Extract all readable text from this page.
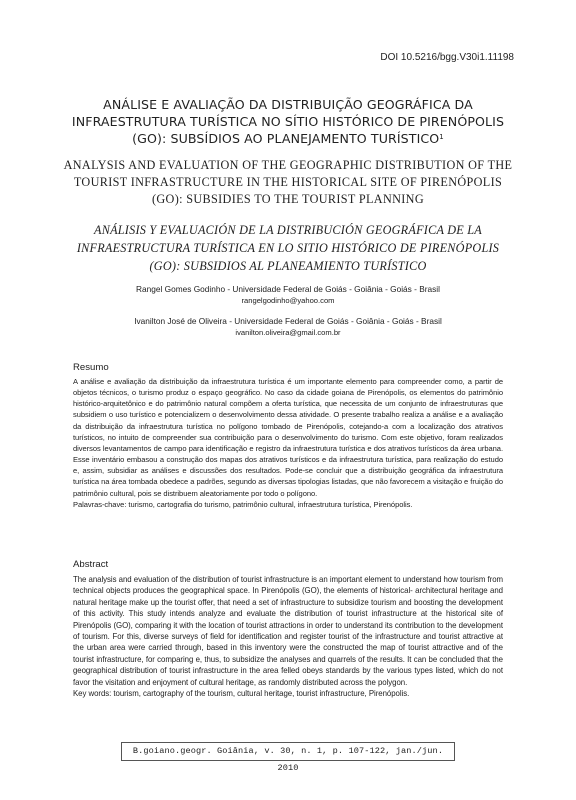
DOI 10.5216/bgg.V30i1.11198
ANÁLISE E AVALIAÇÃO DA DISTRIBUIÇÃO GEOGRÁFICA DA INFRAESTRUTURA TURÍSTICA NO SÍTIO HISTÓRICO DE PIRENÓPOLIS (GO): SUBSÍDIOS AO PLANEJAMENTO TURÍSTICO$^1$
ANALYSIS AND EVALUATION OF THE GEOGRAPHIC DISTRIBUTION OF THE TOURIST INFRASTRUCTURE IN THE HISTORICAL SITE OF PIRENÓPOLIS (GO): SUBSIDIES TO THE TOURIST PLANNING
ANÁLISIS Y EVALUACIÓN DE LA DISTRIBUCIÓN GEOGRÁFICA DE LA INFRAESTRUCTURA TURÍSTICA EN LO SITIO HISTÓRICO DE PIRENÓPOLIS (GO): SUBSIDIOS AL PLANEAMIENTO TURÍSTICO
Rangel Gomes Godinho - Universidade Federal de Goiás - Goiânia - Goiás - Brasil
rangelgodinho@yahoo.com
Ivanilton José de Oliveira - Universidade Federal de Goiás - Goiânia - Goiás - Brasil
ivanilton.oliveira@gmail.com.br
Resumo
A análise e avaliação da distribuição da infraestrutura turística é um importante elemento para compreender como, a partir de objetos técnicos, o turismo produz o espaço geográfico. No caso da cidade goiana de Pirenópolis, os elementos do patrimônio histórico-arquitetônico e do patrimônio natural compõem a oferta turística, que necessita de um conjunto de infraestruturas que subsidiem o uso turístico e potencializem o desenvolvimento dessa atividade. O presente trabalho realiza a análise e a avaliação da distribuição da infraestrutura turística no polígono tombado de Pirenópolis, cotejando-a com a localização dos atrativos turísticos, no intuito de compreender sua contribuição para o desenvolvimento do turismo. Com este objetivo, foram realizados diversos levantamentos de campo para identificação e registro da infraestrutura turística e dos atrativos turísticos da área urbana. Esse inventário embasou a construção dos mapas dos atrativos turísticos e da infraestrutura turística, para realização do estudo e, assim, subsidiar as análises e discussões dos resultados. Pode-se concluir que a distribuição geográfica da infraestrutura turística na área tombada obedece a padrões, segundo as diversas tipologias listadas, que não favorecem a visitação e fruição do patrimônio cultural, pois se distribuem aleatoriamente por todo o polígono.
Palavras-chave: turismo, cartografia do turismo, patrimônio cultural, infraestrutura turística, Pirenópolis.
Abstract
The analysis and evaluation of the distribution of tourist infrastructure is an important element to understand how tourism from technical objects produces the geographical space. In Pirenópolis (GO), the elements of historical- architectural heritage and natural heritage make up the tourist offer, that need a set of infrastructure to subsidize tourism and boosting the development of this activity. This study intends analyze and evaluate the distribution of tourist infrastructure at the historical site of Pirenópolis (GO), comparing it with the location of tourist attractions in order to understand its contribution to the development of tourism. For this, diverse surveys of field for identification and register tourist of the infrastructure and tourist attractive at the urban area were carried through, based in this inventory were the constructed the map of tourist attractive and of the tourist infrastructure, for comparing e, thus, to subsidize the analyses and quarrels of the results. It can be concluded that the geographical distribution of tourist infrastructure in the area felled obeys standards by the various types listed, which do not favor the visitation and enjoyment of cultural heritage, as randomly distributed across the polygon.
Key words: tourism, cartography of the tourism, cultural heritage, tourist infrastructure, Pirenópolis.
B.goiano.geogr. Goiânia, v. 30, n. 1, p. 107-122, jan./jun. 2010
